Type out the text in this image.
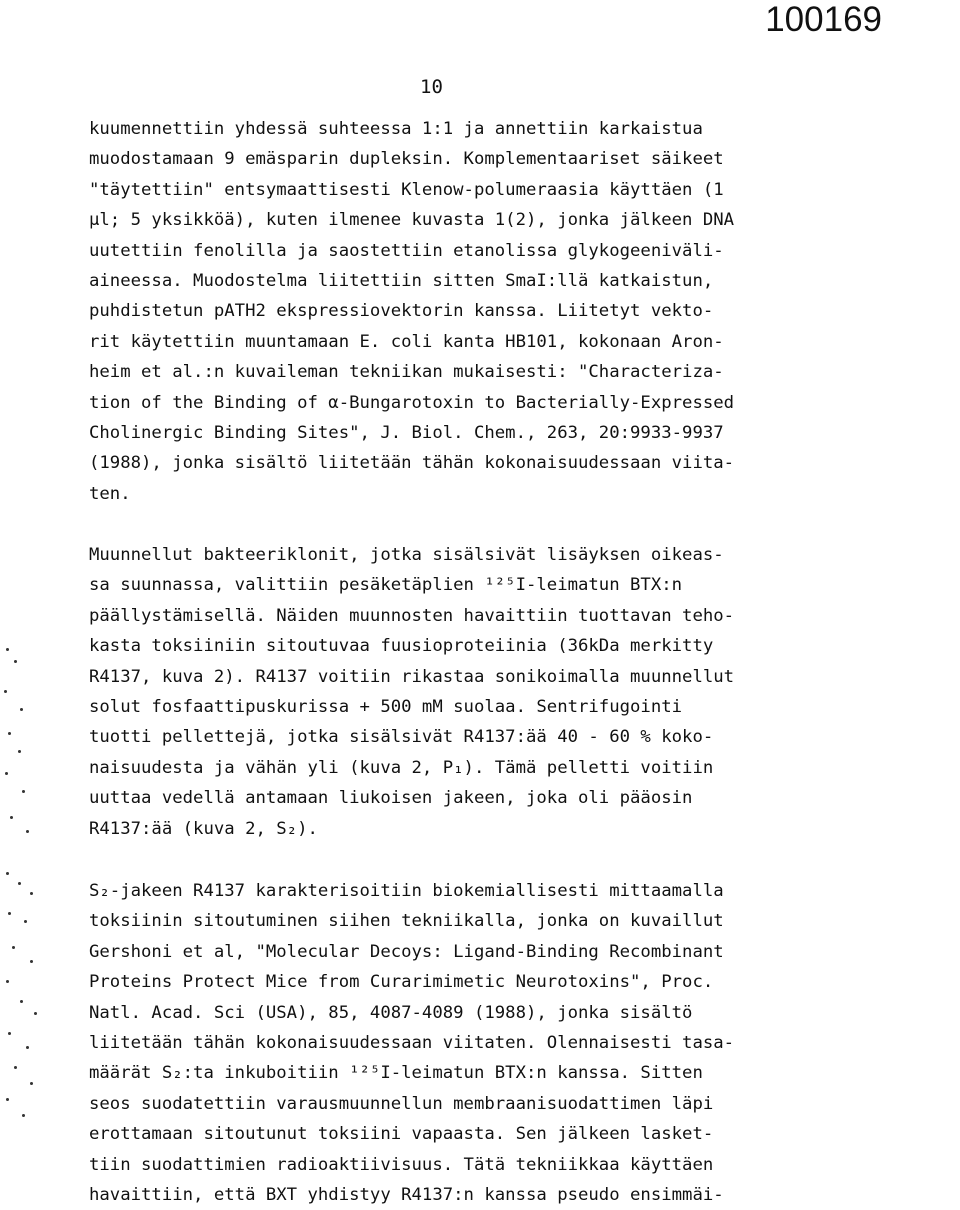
100169
10
kuumennettiin yhdessä suhteessa 1:1 ja annettiin karkaistua
muodostamaan 9 emäsparin dupleksin. Komplementaariset säikeet
"täytettiin" entsymaattisesti Klenow-polumeraasia käyttäen (1
µl; 5 yksikköä), kuten ilmenee kuvasta 1(2), jonka jälkeen DNA
uutettiin fenolilla ja saostettiin etanolissa glykogeeniväli-
aineessa. Muodostelma liitettiin sitten SmaI:llä katkaistun,
puhdistetun pATH2 ekspressiovektorin kanssa. Liitetyt vekto-
rit käytettiin muuntamaan E. coli kanta HB101, kokonaan Aron-
heim et al.:n kuvaileman tekniikan mukaisesti: "Characteriza-
tion of the Binding of α-Bungarotoxin to Bacterially-Expressed
Cholinergic Binding Sites", J. Biol. Chem., 263, 20:9933-9937
(1988), jonka sisältö liitetään tähän kokonaisuudessaan viita-
ten.
Muunnellut bakteeriklonit, jotka sisälsivät lisäyksen oikeas-
sa suunnassa, valittiin pesäketäplien ¹²⁵I-leimatun BTX:n
päällystämisellä. Näiden muunnosten havaittiin tuottavan teho-
kasta toksiiniin sitoutuvaa fuusioproteiinia (36kDa merkitty
R4137, kuva 2). R4137 voitiin rikastaa sonikoimalla muunnellut
solut fosfaattipuskurissa + 500 mM suolaa. Sentrifugointi
tuotti pellettejä, jotka sisälsivät R4137:ää 40 - 60 % koko-
naisuudesta ja vähän yli (kuva 2, P₁). Tämä pelletti voitiin
uuttaa vedellä antamaan liukoisen jakeen, joka oli pääosin
R4137:ää (kuva 2, S₂).
S₂-jakeen R4137 karakterisoitiin biokemiallisesti mittaamalla
toksiinin sitoutuminen siihen tekniikalla, jonka on kuvaillut
Gershoni et al, "Molecular Decoys: Ligand-Binding Recombinant
Proteins Protect Mice from Curarimimetic Neurotoxins", Proc.
Natl. Acad. Sci (USA), 85, 4087-4089 (1988), jonka sisältö
liitetään tähän kokonaisuudessaan viitaten. Olennaisesti tasa-
määrät S₂:ta inkuboitiin ¹²⁵I-leimatun BTX:n kanssa. Sitten
seos suodatettiin varausmuunnellun membraanisuodattimen läpi
erottamaan sitoutunut toksiini vapaasta. Sen jälkeen lasket-
tiin suodattimien radioaktiivisuus. Tätä tekniikkaa käyttäen
havaittiin, että BXT yhdistyy R4137:n kanssa pseudo ensimmäi-
